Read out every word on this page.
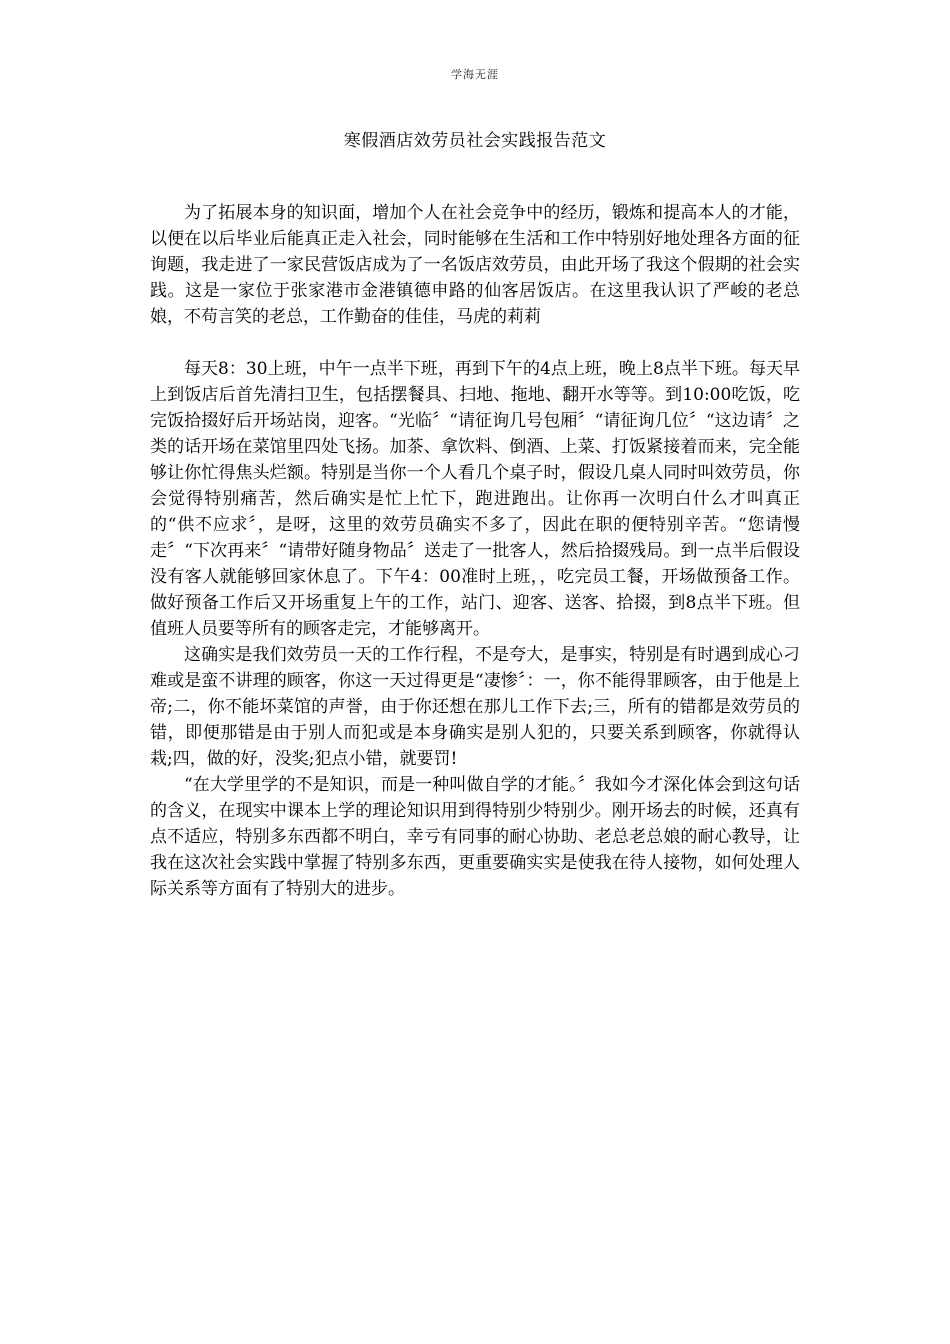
学海无涯
寒假酒店效劳员社会实践报告范文

为了拓展本身的知识面，增加个人在社会竞争中的经历，锻炼和提高本人的才能，以便在以后毕业后能真正走入社会，同时能够在生活和工作中特别好地处理各方面的征询题，我走进了一家民营饭店成为了一名饭店效劳员，由此开场了我这个假期的社会实践。这是一家位于张家港市金港镇德申路的仙客居饭店。在这里我认识了严峻的老总娘，不苟言笑的老总，工作勤奋的佳佳，马虎的莉莉

每天8：30上班，中午一点半下班，再到下午的4点上班，晚上8点半下班。每天早上到饭店后首先清扫卫生，包括摆餐具、扫地、拖地、翻开水等等。到10:00吃饭，吃完饭拾掇好后开场站岗，迎客。“光临〞“请征询几号包厢〞“请征询几位〞“这边请〞之类的话开场在菜馆里四处飞扬。加茶、拿饮料、倒酒、上菜、打饭紧接着而来，完全能够让你忙得焦头烂额。特别是当你一个人看几个桌子时，假设几桌人同时叫效劳员，你会觉得特别痛苦，然后确实是忙上忙下，跑进跑出。让你再一次明白什么才叫真正的“供不应求〞，是呀，这里的效劳员确实不多了，因此在职的便特别辛苦。“您请慢走〞“下次再来〞“请带好随身物品〞送走了一批客人，然后拾掇残局。到一点半后假设没有客人就能够回家休息了。下午4：00准时上班，，吃完员工餐，开场做预备工作。做好预备工作后又开场重复上午的工作，站门、迎客、送客、拾掇，到8点半下班。但值班人员要等所有的顾客走完，才能够离开。

这确实是我们效劳员一天的工作行程，不是夸大，是事实，特别是有时遇到成心刁难或是蛮不讲理的顾客，你这一天过得更是“凄惨〞：一，你不能得罪顾客，由于他是上帝;二，你不能坏菜馆的声誉，由于你还想在那儿工作下去;三，所有的错都是效劳员的错，即便那错是由于别人而犯或是本身确实是别人犯的，只要关系到顾客，你就得认栽;四，做的好，没奖;犯点小错，就要罚!

“在大学里学的不是知识，而是一种叫做自学的才能。〞我如今才深化体会到这句话的含义，在现实中课本上学的理论知识用到得特别少特别少。刚开场去的时候，还真有点不适应，特别多东西都不明白，幸亏有同事的耐心协助、老总老总娘的耐心教导，让我在这次社会实践中掌握了特别多东西，更重要确实实是使我在待人接物，如何处理人际关系等方面有了特别大的进步。
